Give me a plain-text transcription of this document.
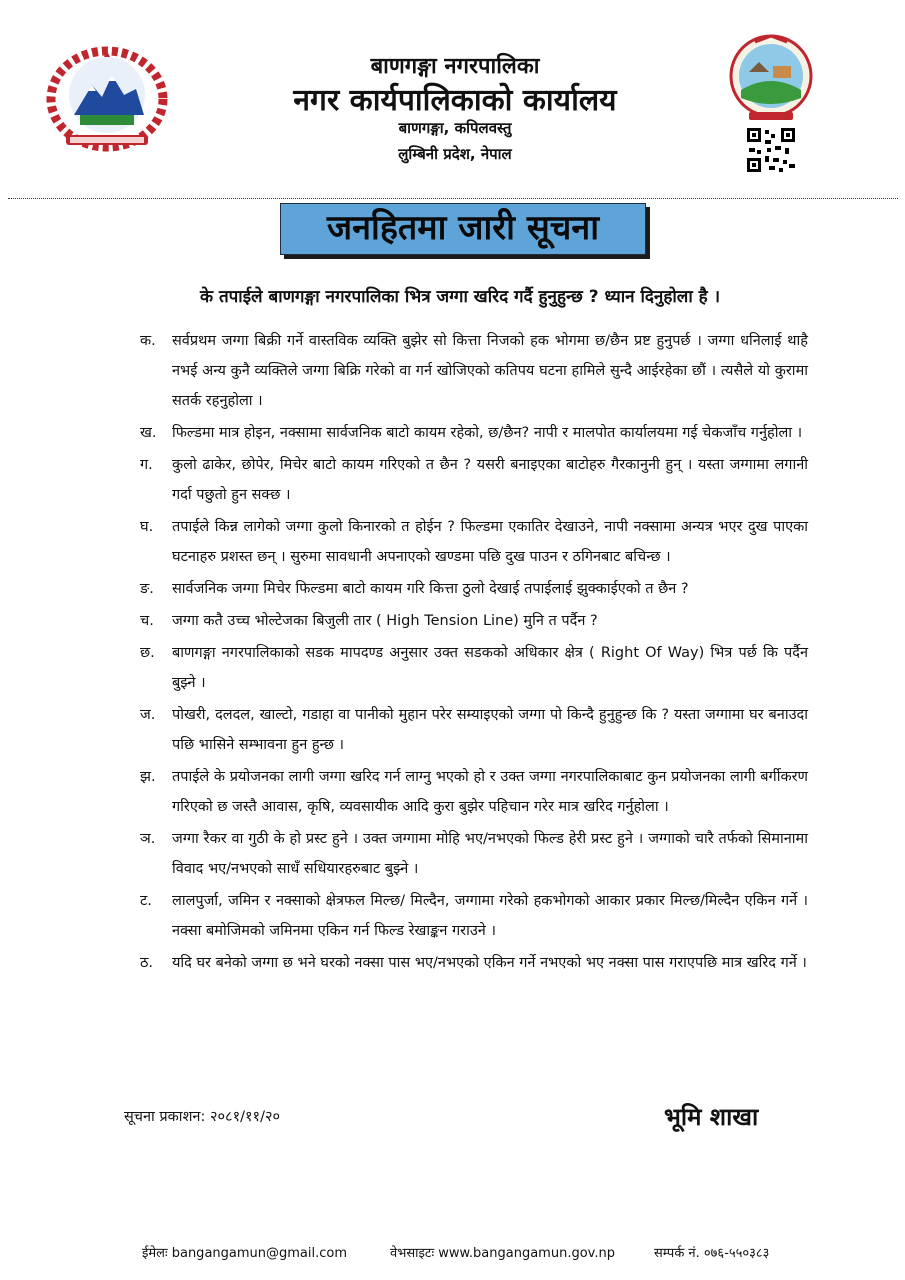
बाणगङ्गा नगरपालिका
नगर कार्यपालिकाको कार्यालय
बाणगङ्गा, कपिलवस्तु
लुम्बिनी प्रदेश, नेपाल
जनहितमा जारी सूचना
के तपाईले बाणगङ्गा नगरपालिका भित्र जग्गा खरिद गर्दै हुनुहुन्छ ? ध्यान दिनुहोला है ।
क. सर्वप्रथम जग्गा बिक्री गर्ने वास्तविक व्यक्ति बुझेर सो कित्ता निजको हक भोगमा छ/छैन प्रष्ट हुनुपर्छ । जग्गा धनिलाई थाहै नभई अन्य कुनै व्यक्तिले जग्गा बिक्रि गरेको वा गर्न खोजिएको कतिपय घटना हामिले सुन्दै आईरहेका छौं । त्यसैले यो कुरामा सतर्क रहनुहोला ।
ख. फिल्डमा मात्र होइन, नक्सामा सार्वजनिक बाटो कायम रहेको, छ/छैन? नापी र मालपोत कार्यालयमा गई चेकजाँच गर्नुहोला ।
ग. कुलो ढाकेर, छोपेर, मिचेर बाटो कायम गरिएको त छैन ? यसरी बनाइएका बाटोहरु गैरकानुनी हुन् । यस्ता जग्गामा लगानी गर्दा पछुतो हुन सक्छ ।
घ. तपाईले किन्न लागेको जग्गा कुलो किनारको त होईन ? फिल्डमा एकातिर देखाउने, नापी नक्सामा अन्यत्र भएर दुख पाएका घटनाहरु प्रशस्त छन् । सुरुमा सावधानी अपनाएको खण्डमा पछि दुख पाउन र ठगिनबाट बचिन्छ ।
ङ. सार्वजनिक जग्गा मिचेर फिल्डमा बाटो कायम गरि कित्ता ठुलो देखाई तपाईलाई झुक्काईएको त छैन ?
च. जग्गा कतै उच्च भोल्टेजका बिजुली तार ( High Tension Line) मुनि त पर्दैन ?
छ. बाणगङ्गा नगरपालिकाको सडक मापदण्ड अनुसार उक्त सडकको अधिकार क्षेत्र ( Right Of Way) भित्र पर्छ कि पर्दैन बुझ्ने ।
ज. पोखरी, दलदल, खाल्टो, गडाहा वा पानीको मुहान परेर सम्याइएको जग्गा पो किन्दै हुनुहुन्छ कि ? यस्ता जग्गामा घर बनाउदा पछि भासिने सम्भावना हुन हुन्छ ।
झ. तपाईले के प्रयोजनका लागी जग्गा खरिद गर्न लाग्नु भएको हो र उक्त जग्गा नगरपालिकाबाट कुन प्रयोजनका लागी बर्गीकरण गरिएको छ जस्तै आवास, कृषि, व्यवसायीक आदि कुरा बुझेर पहिचान गरेर मात्र खरिद गर्नुहोला ।
ञ. जग्गा रैकर वा गुठी के हो प्रस्ट हुने । उक्त जग्गामा मोहि भए/नभएको फिल्ड हेरी प्रस्ट हुने । जग्गाको चारै तर्फको सिमानामा विवाद भए/नभएको साधँ सधियारहरुबाट बुझ्ने ।
ट. लालपुर्जा, जमिन र नक्साको क्षेत्रफल मिल्छ/ मिल्दैन, जग्गामा गरेको हकभोगको आकार प्रकार मिल्छ/मिल्दैन एकिन गर्ने । नक्सा बमोजिमको जमिनमा एकिन गर्न फिल्ड रेखाङ्कन गराउने ।
ठ. यदि घर बनेको जग्गा छ भने घरको नक्सा पास भए/नभएको एकिन गर्ने नभएको भए नक्सा पास गराएपछि मात्र खरिद गर्ने ।
सूचना प्रकाशन: २०८१/११/२०	भूमि शाखा
ईमेलः bangangamun@gmail.com	वेभसाइटः www.bangangamun.gov.np	सम्पर्क नं. ०७६-५५०३८३
